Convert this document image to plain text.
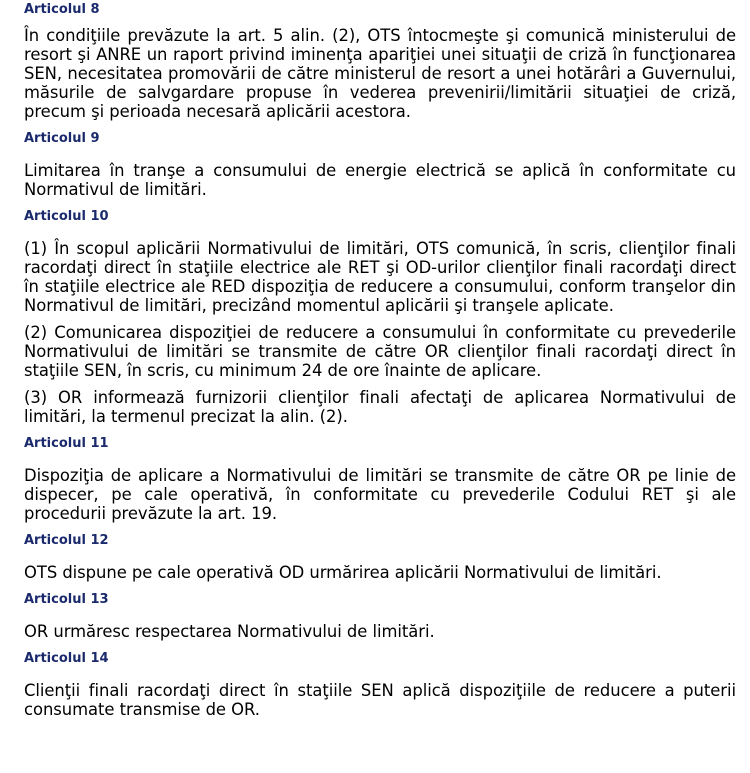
Articolul 8

În condiţiile prevăzute la art. 5 alin. (2), OTS întocmeşte şi comunică ministerului de resort şi ANRE un raport privind iminenţa apariţiei unei situaţii de criză în funcţionarea SEN, necesitatea promovării de către ministerul de resort a unei hotărâri a Guvernului, măsurile de salvgardare propuse în vederea prevenirii/limitării situaţiei de criză, precum şi perioada necesară aplicării acestora.

Articolul 9

Limitarea în tranşe a consumului de energie electrică se aplică în conformitate cu Normativul de limitări.

Articolul 10

(1) În scopul aplicării Normativului de limitări, OTS comunică, în scris, clienţilor finali racordaţi direct în staţiile electrice ale RET şi OD-urilor clienţilor finali racordaţi direct în staţiile electrice ale RED dispoziţia de reducere a consumului, conform tranşelor din Normativul de limitări, precizând momentul aplicării şi tranşele aplicate.

(2) Comunicarea dispoziţiei de reducere a consumului în conformitate cu prevederile Normativului de limitări se transmite de către OR clienţilor finali racordaţi direct în staţiile SEN, în scris, cu minimum 24 de ore înainte de aplicare.

(3) OR informează furnizorii clienţilor finali afectaţi de aplicarea Normativului de limitări, la termenul precizat la alin. (2).

Articolul 11

Dispoziţia de aplicare a Normativului de limitări se transmite de către OR pe linie de dispecer, pe cale operativă, în conformitate cu prevederile Codului RET şi ale procedurii prevăzute la art. 19.

Articolul 12

OTS dispune pe cale operativă OD urmărirea aplicării Normativului de limitări.

Articolul 13

OR urmăresc respectarea Normativului de limitări.

Articolul 14

Clienţii finali racordaţi direct în staţiile SEN aplică dispoziţiile de reducere a puterii consumate transmise de OR.
